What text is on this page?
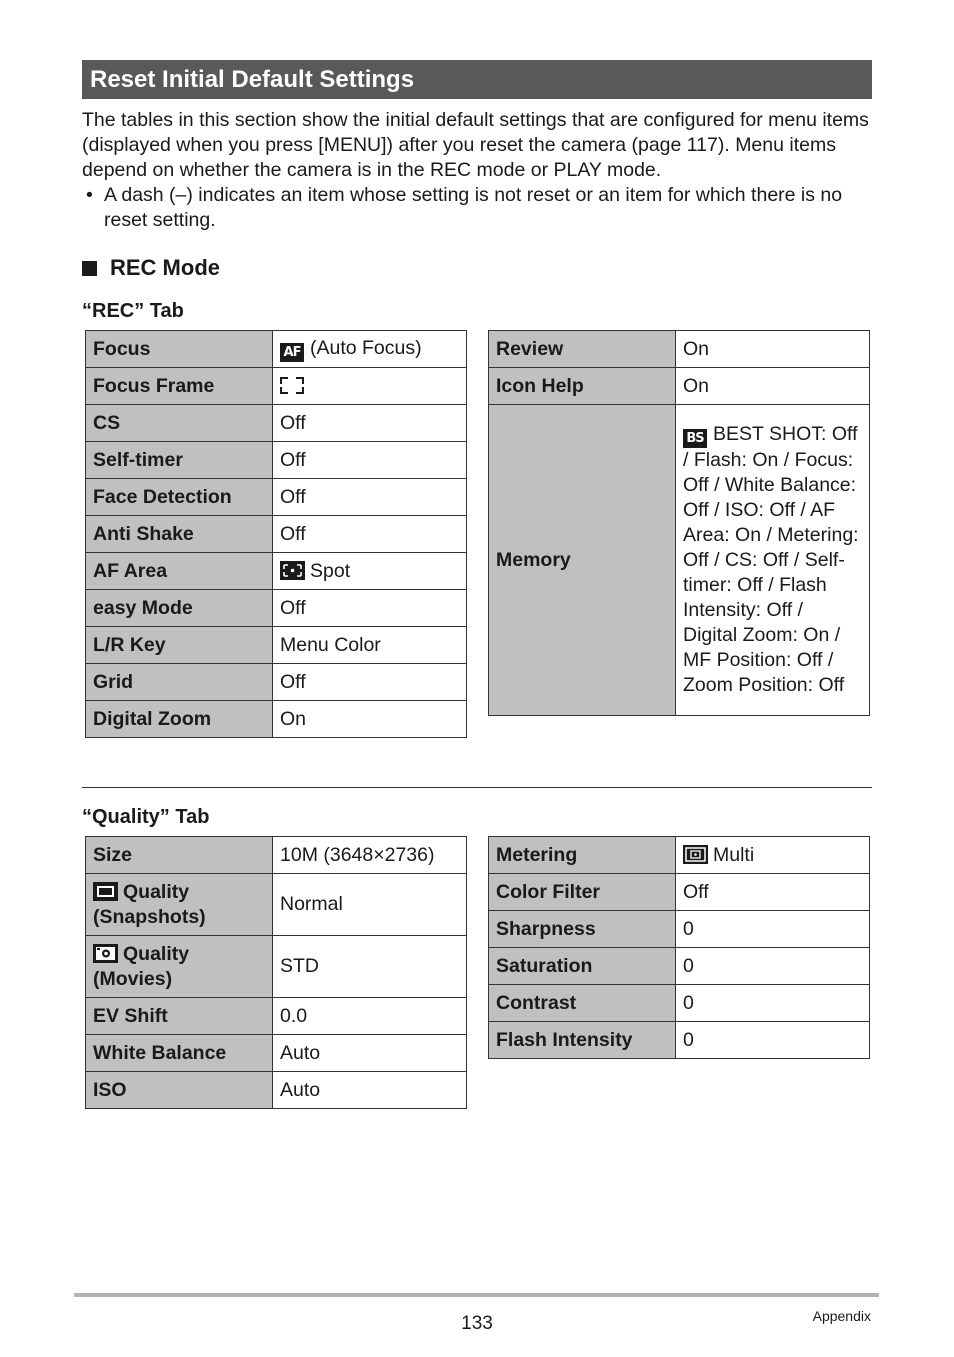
Reset Initial Default Settings

The tables in this section show the initial default settings that are configured for menu items (displayed when you press [MENU]) after you reset the camera (page 117). Menu items depend on whether the camera is in the REC mode or PLAY mode.

• A dash (–) indicates an item whose setting is not reset or an item for which there is no reset setting.

REC Mode
“REC” Tab
Focus	AF (Auto Focus)
Focus Frame	

CS	Off
Self-timer	Off
Face Detection	Off
Anti Shake	Off
AF Area	Spot
easy Mode	Off
L/R Key	Menu Color
Grid	Off
Digital Zoom	On
Review	On
Icon Help	On
Memory	BS BEST SHOT: Off / Flash: On / Focus: Off / White Balance: Off / ISO: Off / AF Area: On / Metering: Off / CS: Off / Self-timer: Off / Flash Intensity: Off / Digital Zoom: On / MF Position: Off / Zoom Position: Off
“Quality” Tab
Size	10M (3648×2736)
Quality (Snapshots)	Normal
Quality (Movies)	STD
EV Shift	0.0
White Balance	Auto
ISO	Auto
Metering	Multi
Color Filter	Off
Sharpness	0
Saturation	0
Contrast	0
Flash Intensity	0
133	Appendix
